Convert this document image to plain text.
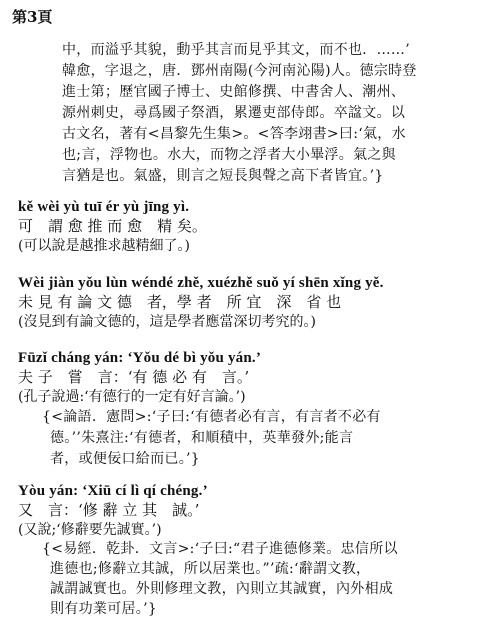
第3頁
中，而溢乎其貌，動乎其言而見乎其文，而不也．……’
韓愈，字退之，唐．鄧州南陽(今河南沁陽)人。德宗時登
進士第；歷官國子博士、史館修撰、中書舍人、潮州、
源州刺史，尋爲國子祭酒，累遷吏部侍郎。卒諡文。以
古文名，著有<昌黎先生集>。<答李翊書>曰:‘氣，水
也;言，浮物也。水大，而物之浮者大小畢浮。氣之與
言猶是也。氣盛，則言之短長與聲之高下者皆宜。’}
kě wèi yù tuī ér yù jīng yì.
可　謂 愈 推 而 愈　精 矣。
(可以說是越推求越精細了。)
Wèi jiàn yǒu lùn wéndé zhě, xuézhě suǒ yí shēn xǐng yě.
未 見 有 論 文 德　者，學 者　所 宜　深　省 也
(沒見到有論文德的，這是學者應當深切考究的。)
Fūzǐ cháng yán: ‘Yǒu dé bì yǒu yán.’
夫 子　嘗　言：‘有 德 必 有　言。’
(孔子說過:‘有德行的一定有好言論。’)
{<論語．憲問>:‘子曰:‘有德者必有言，有言者不必有
德。’’朱熹注:‘有德者，和順積中，英華發外;能言
者，或便佞口給而已。’}
Yòu yán: ‘Xiū cí lì qí chéng.’
又　言：‘修 辭 立 其　誠。’
(又說;‘修辭要先誠實。’)
{<易經．乾卦．文言>:‘子曰:“君子進德修業。忠信所以
進德也;修辭立其誠，所以居業也。”’疏:‘辭謂文教，
誠謂誠實也。外則修理文教，內則立其誠實，內外相成
則有功業可居。’}
